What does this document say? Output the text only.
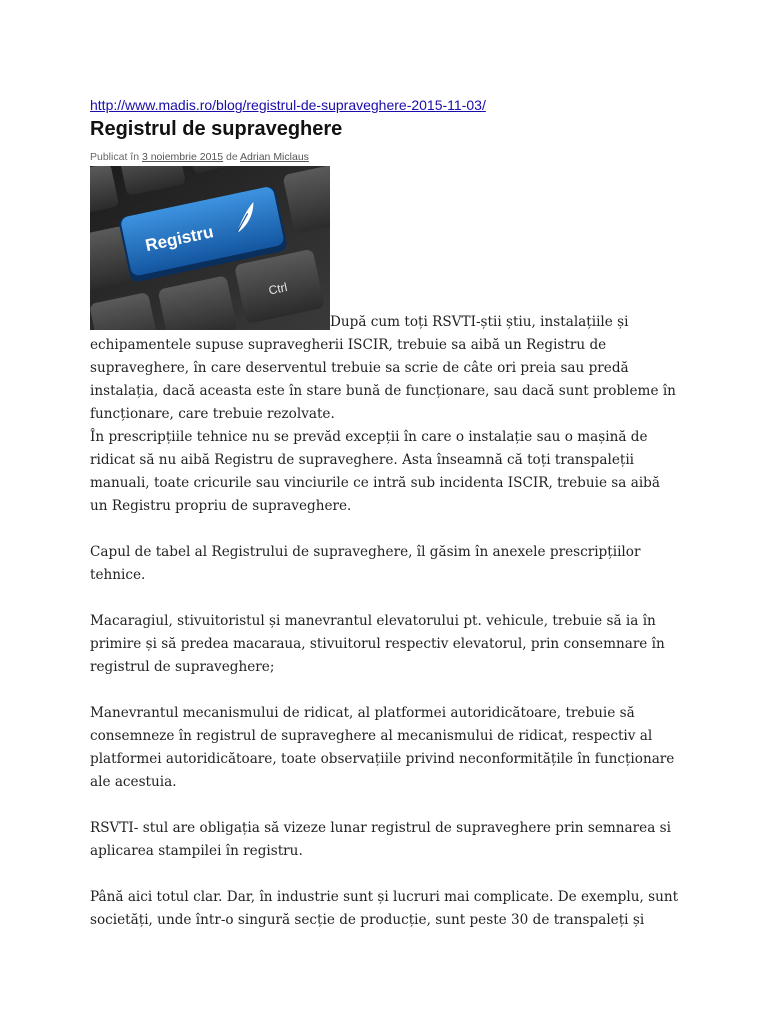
http://www.madis.ro/blog/registrul-de-supraveghere-2015-11-03/
Registrul de supraveghere
Publicat în 3 noiembrie 2015 de Adrian Miclaus
Registru
Ctrl
După cum toți RSVTI-știi știu, instalațiile și echipamentele supuse supravegherii ISCIR, trebuie sa aibă un Registru de supraveghere, în care deserventul trebuie sa scrie de câte ori preia sau predă instalația, dacă aceasta este în stare bună de funcționare, sau dacă sunt probleme în funcționare, care trebuie rezolvate.

În prescripțiile tehnice nu se prevăd excepții în care o instalație sau o mașină de ridicat să nu aibă Registru de supraveghere. Asta înseamnă că toți transpaleții manuali, toate cricurile sau vinciurile ce intră sub incidenta ISCIR, trebuie sa aibă un Registru propriu de supraveghere.

Capul de tabel al Registrului de supraveghere, îl găsim în anexele prescripțiilor tehnice.

Macaragiul, stivuitoristul și manevrantul elevatorului pt. vehicule, trebuie să ia în primire și să predea macaraua, stivuitorul respectiv elevatorul, prin consemnare în registrul de supraveghere;

Manevrantul mecanismului de ridicat, al platformei autoridicătoare, trebuie să consemneze în registrul de supraveghere al mecanismului de ridicat, respectiv al platformei autoridicătoare, toate observațiile privind neconformitățile în funcționare ale acestuia.

RSVTI- stul are obligația să vizeze lunar registrul de supraveghere prin semnarea si aplicarea stampilei în registru.

Până aici totul clar. Dar, în industrie sunt și lucruri mai complicate. De exemplu, sunt societăți, unde într-o singură secție de producție, sunt peste 30 de transpaleți și
